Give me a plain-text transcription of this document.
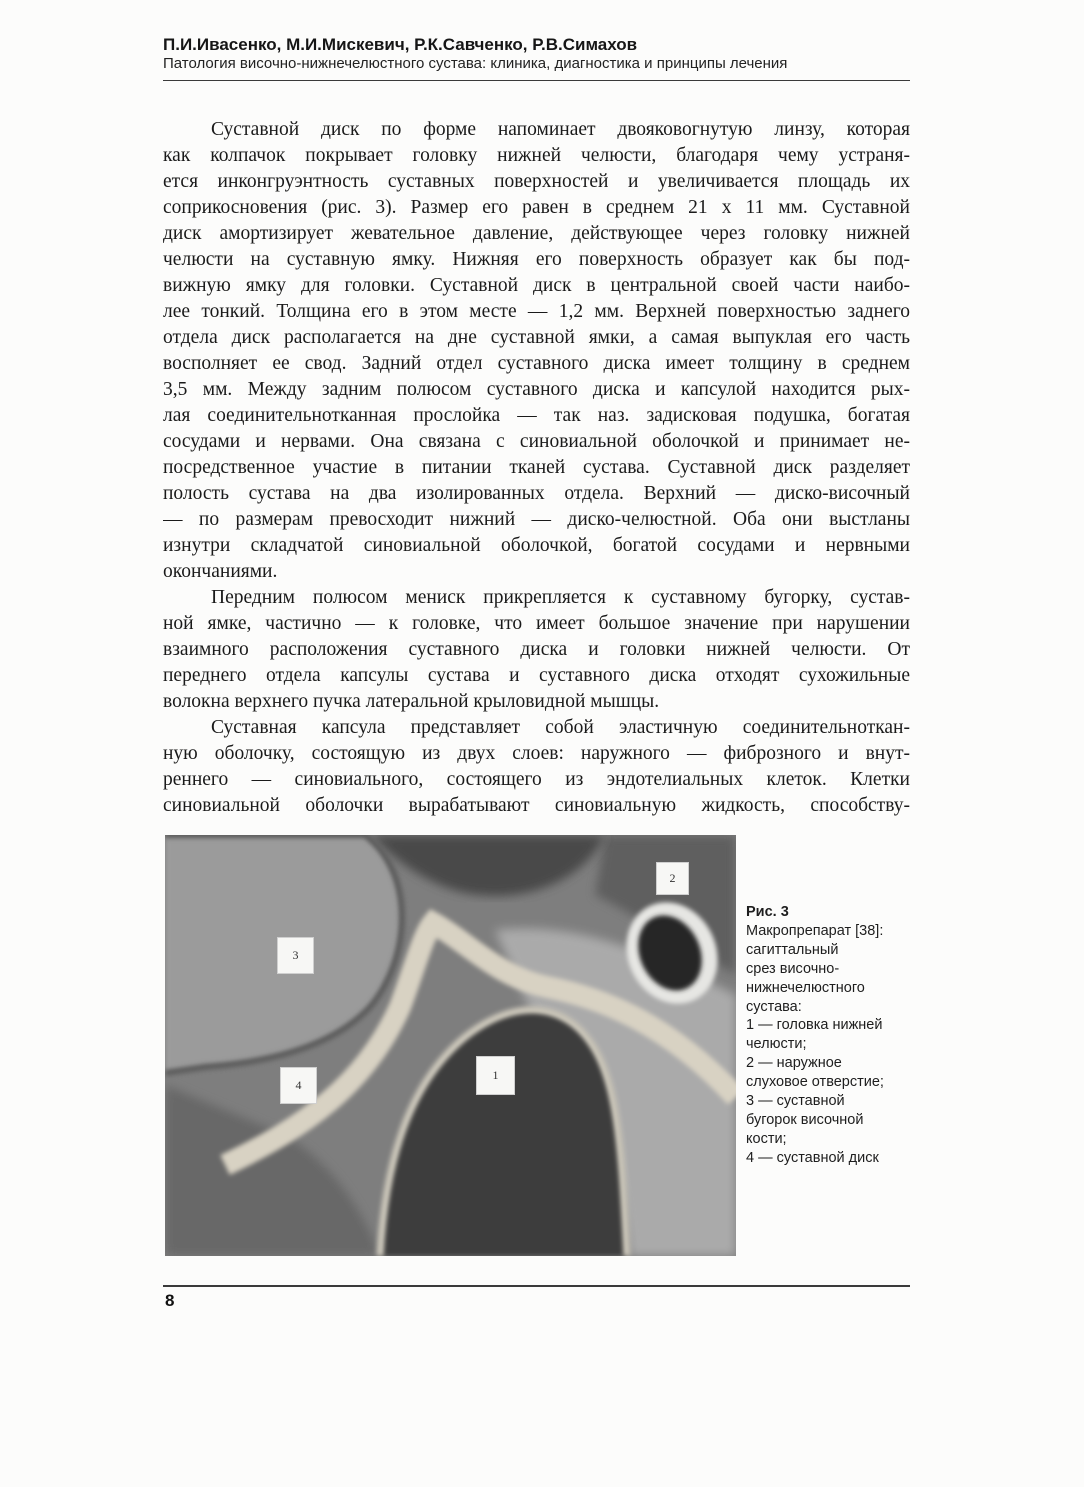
П.И.Ивасенко, М.И.Мискевич, Р.К.Савченко, Р.В.Симахов
Патология височно-нижнечелюстного сустава: клиника, диагностика и принципы лечения
Суставной диск по форме напоминает двояковогнутую линзу, которая
как колпачок покрывает головку нижней челюсти, благодаря чему устраня-
ется инконгруэнтность суставных поверхностей и увеличивается площадь их
соприкосновения (рис. 3). Размер его равен в среднем 21 х 11 мм. Суставной
диск амортизирует жевательное давление, действующее через головку нижней
челюсти на суставную ямку. Нижняя его поверхность образует как бы под-
вижную ямку для головки. Суставной диск в центральной своей части наибо-
лее тонкий. Толщина его в этом месте — 1,2 мм. Верхней поверхностью заднего
отдела диск располагается на дне суставной ямки, а самая выпуклая его часть
восполняет ее свод. Задний отдел суставного диска имеет толщину в среднем
3,5 мм. Между задним полюсом суставного диска и капсулой находится рых-
лая соединительнотканная прослойка — так наз. задисковая подушка, богатая
сосудами и нервами. Она связана с синовиальной оболочкой и принимает не-
посредственное участие в питании тканей сустава. Суставной диск разделяет
полость сустава на два изолированных отдела. Верхний — диско-височный
— по размерам превосходит нижний — диско-челюстной. Оба они выстланы
изнутри складчатой синовиальной оболочкой, богатой сосудами и нервными
окончаниями.
Передним полюсом мениск прикрепляется к суставному бугорку, сустав-
ной ямке, частично — к головке, что имеет большое значение при нарушении
взаимного расположения суставного диска и головки нижней челюсти. От
переднего отдела капсулы сустава и суставного диска отходят сухожильные
волокна верхнего пучка латеральной крыловидной мышцы.
Суставная капсула представляет собой эластичную соединительноткан-
ную оболочку, состоящую из двух слоев: наружного — фиброзного и внут-
реннего — синовиального, состоящего из эндотелиальных клеток. Клетки
синовиальной оболочки вырабатывают синовиальную жидкость, способству-
2
3
4
1
Рис. 3
Макропрепарат [38]:
сагиттальный
срез височно-
нижнечелюстного
сустава:
1 — головка нижней
челюсти;
2 — наружное
слуховое отверстие;
3 — суставной
бугорок височной
кости;
4 — суставной диск
8
